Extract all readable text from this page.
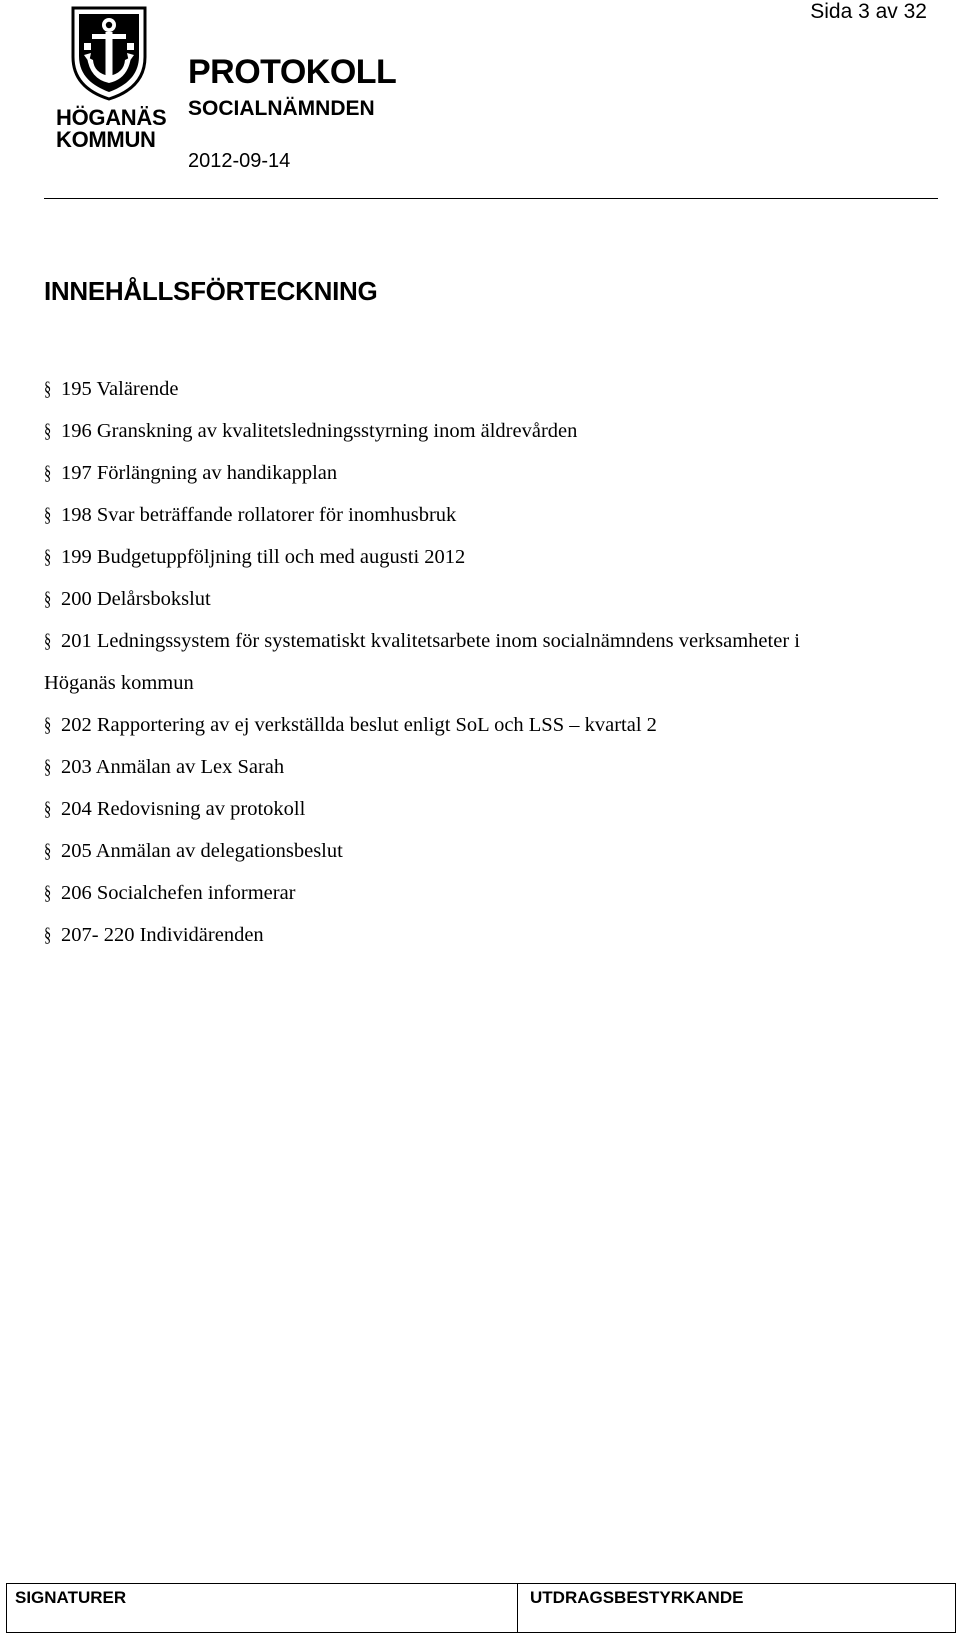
Sida 3 av 32
HÖGANÄS
KOMMUN
PROTOKOLL
SOCIALNÄMNDEN
2012-09-14
INNEHÅLLSFÖRTECKNING
§ 195 Valärende
§ 196 Granskning av kvalitetsledningsstyrning inom äldrevården
§ 197 Förlängning av handikapplan
§ 198 Svar beträffande rollatorer för inomhusbruk
§ 199 Budgetuppföljning till och med augusti 2012
§ 200 Delårsbokslut
§ 201 Ledningssystem för systematiskt kvalitetsarbete inom socialnämndens verksamheter i
Höganäs kommun
§ 202 Rapportering av ej verkställda beslut enligt SoL och LSS – kvartal 2
§ 203 Anmälan av Lex Sarah
§ 204 Redovisning av protokoll
§ 205 Anmälan av delegationsbeslut
§ 206 Socialchefen informerar
§ 207- 220 Individärenden
SIGNATURER	UTDRAGSBESTYRKANDE
